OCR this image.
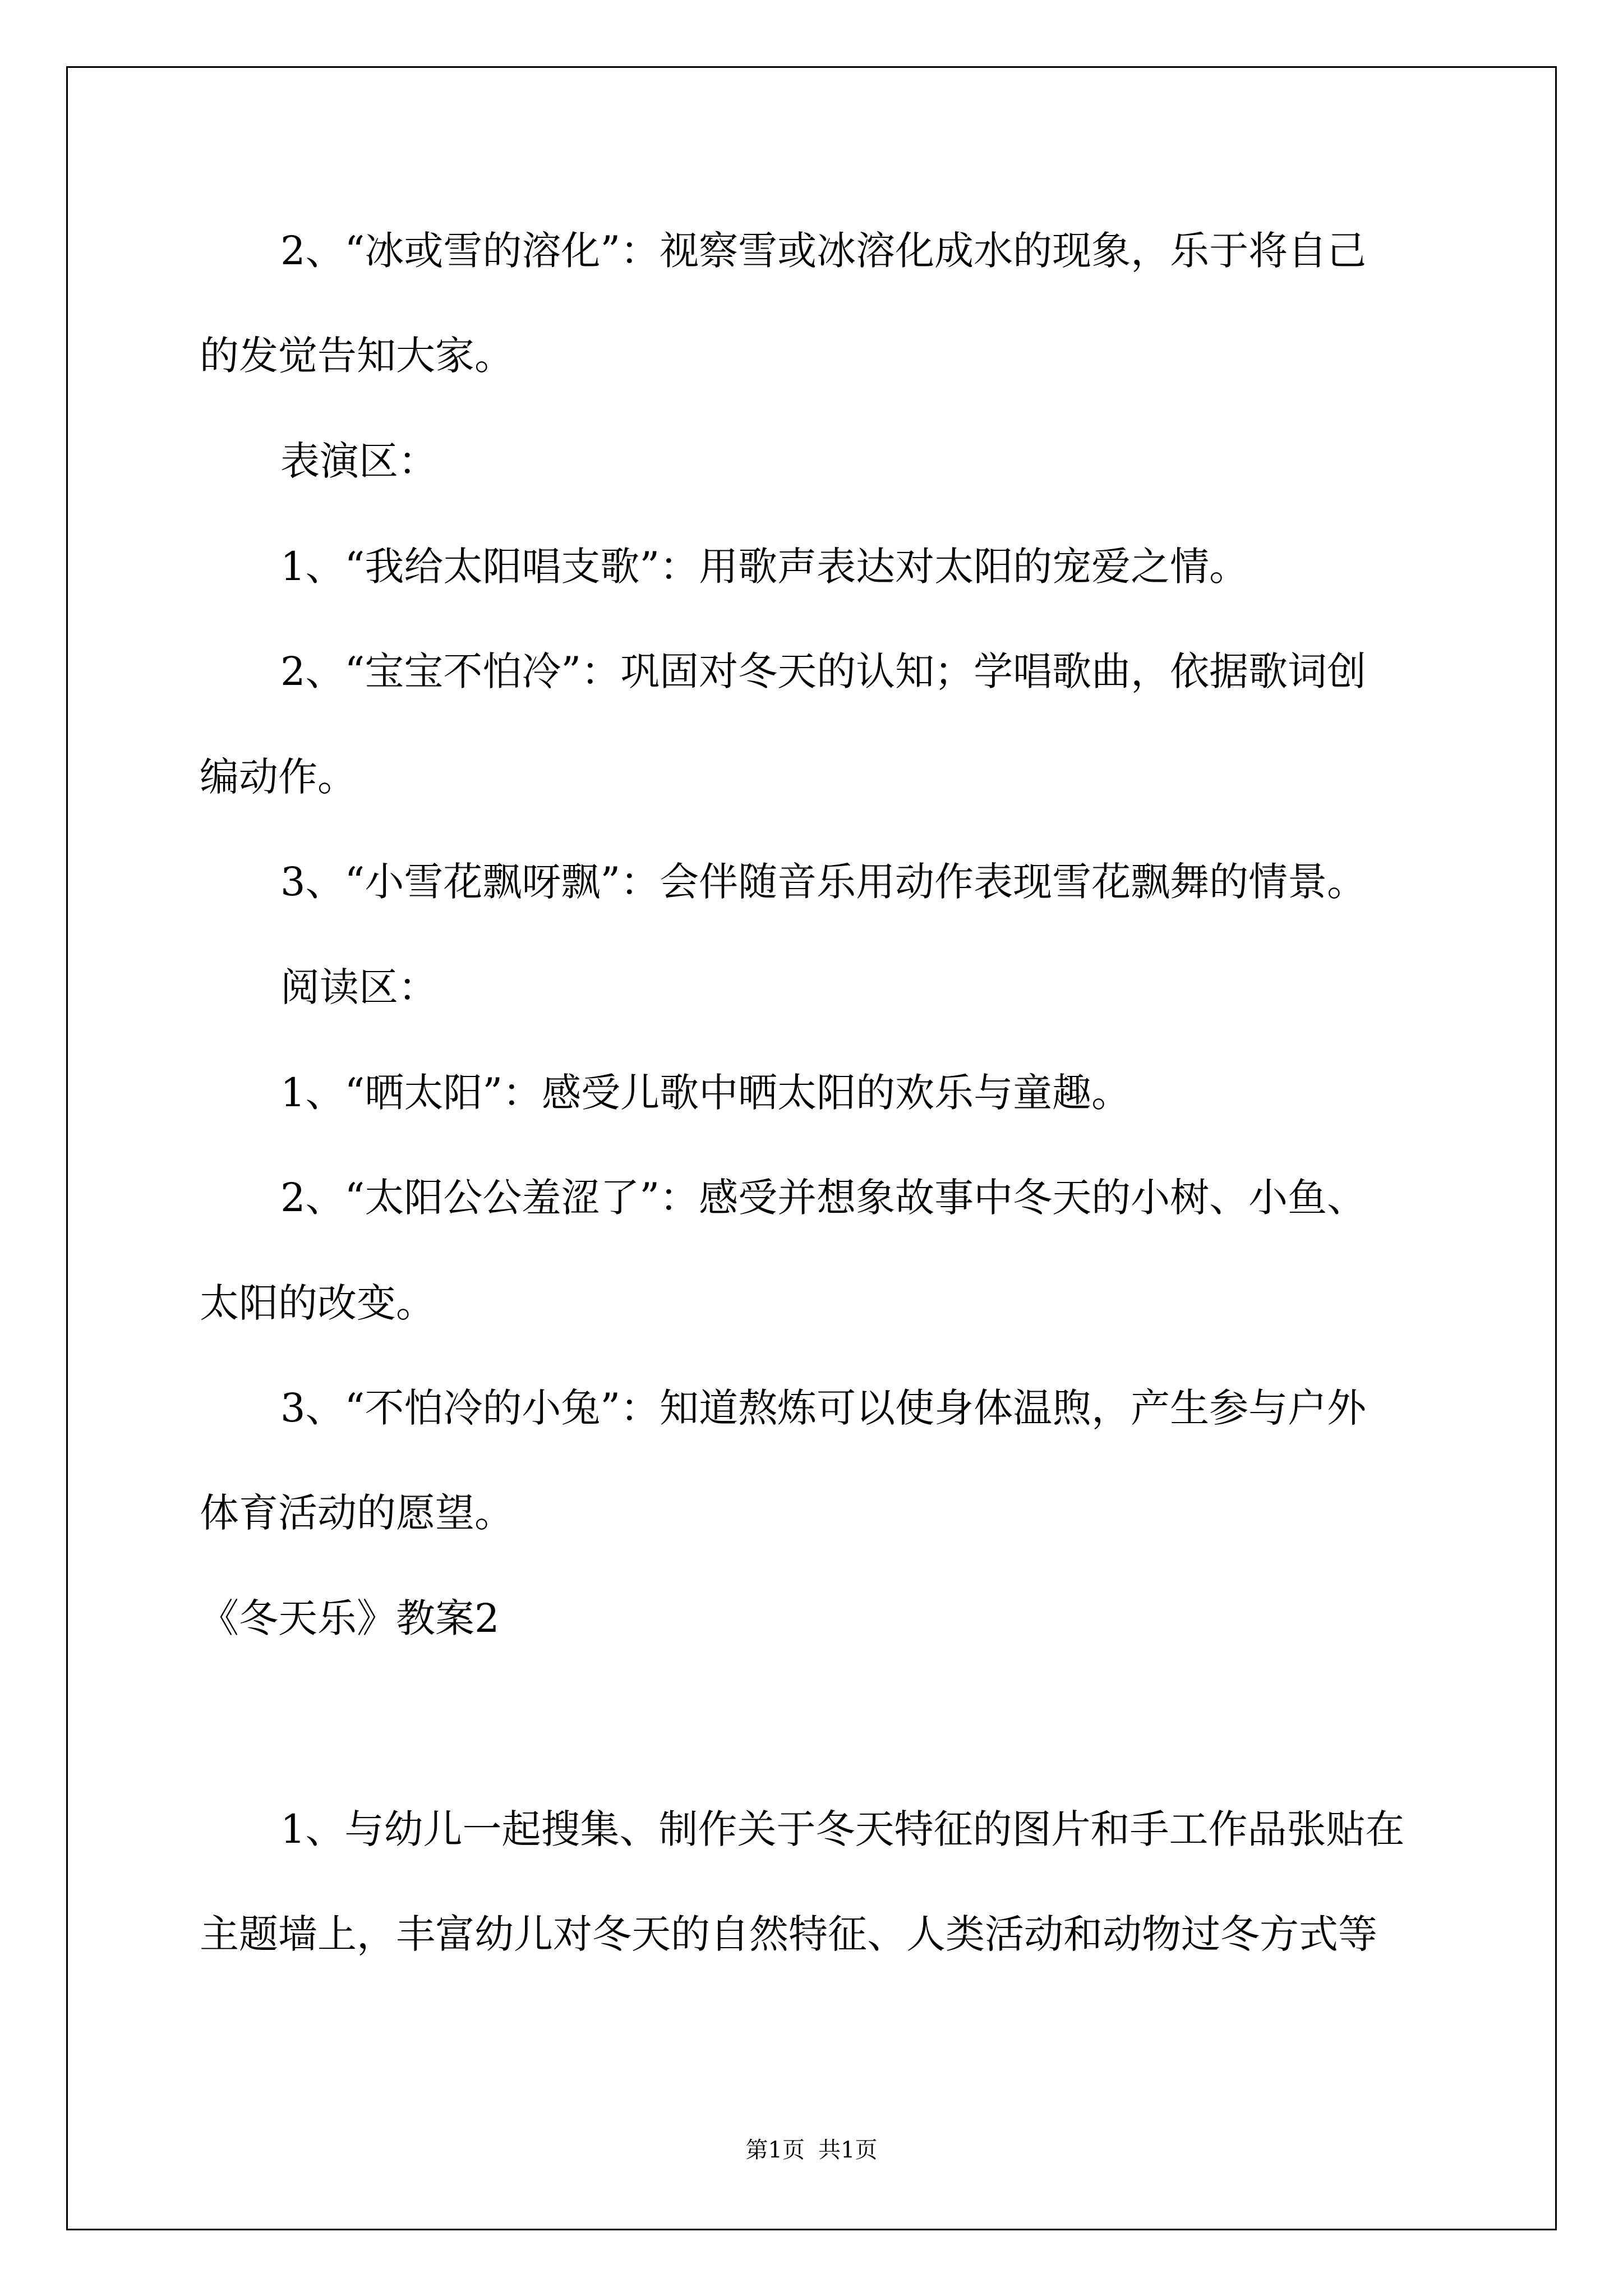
2、“冰或雪的溶化”：视察雪或冰溶化成水的现象，乐于将自己
的发觉告知大家。
表演区：
1、“我给太阳唱支歌”：用歌声表达对太阳的宠爱之情。
2、“宝宝不怕冷”：巩固对冬天的认知；学唱歌曲，依据歌词创
编动作。
3、“小雪花飘呀飘”：会伴随音乐用动作表现雪花飘舞的情景。
阅读区：
1、“晒太阳”：感受儿歌中晒太阳的欢乐与童趣。
2、“太阳公公羞涩了”：感受并想象故事中冬天的小树、小鱼、
太阳的改变。
3、“不怕冷的小兔”：知道熬炼可以使身体温煦，产生参与户外
体育活动的愿望。
《冬天乐》教案2
1、与幼儿一起搜集、制作关于冬天特征的图片和手工作品张贴在
主题墙上，丰富幼儿对冬天的自然特征、人类活动和动物过冬方式等
第1页 共1页
